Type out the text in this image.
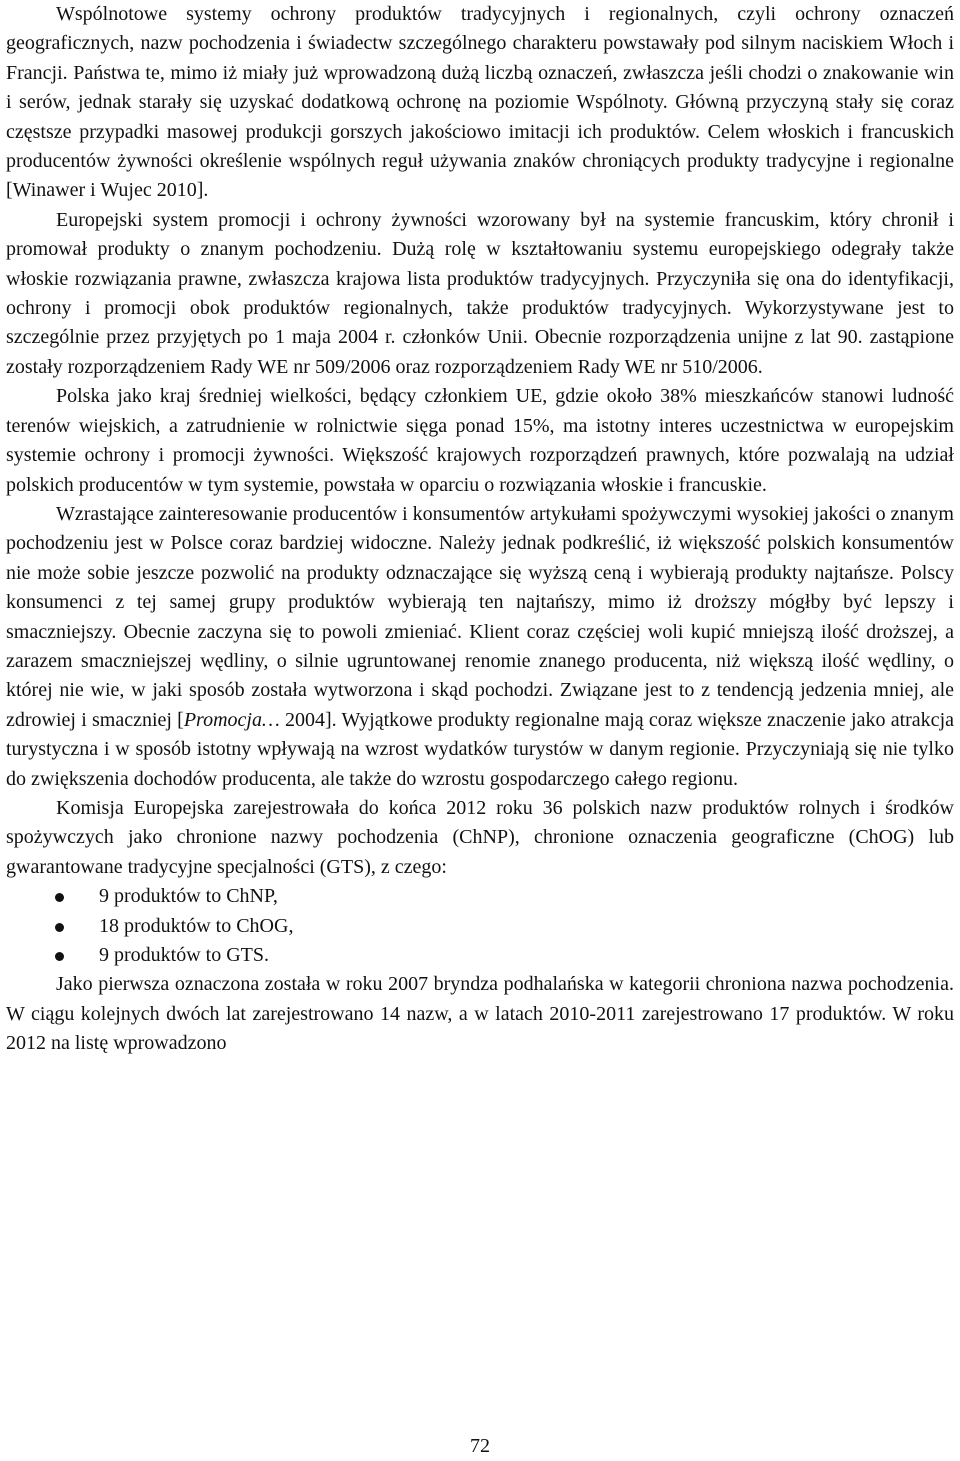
Wspólnotowe systemy ochrony produktów tradycyjnych i regionalnych, czyli ochrony oznaczeń geograficznych, nazw pochodzenia i świadectw szczególnego charakteru powstawały pod silnym naciskiem Włoch i Francji. Państwa te, mimo iż miały już wprowadzoną dużą liczbą oznaczeń, zwłaszcza jeśli chodzi o znakowanie win i serów, jednak starały się uzyskać dodatkową ochronę na poziomie Wspólnoty. Główną przyczyną stały się coraz częstsze przypadki masowej produkcji gorszych jakościowo imitacji ich produktów. Celem włoskich i francuskich producentów żywności określenie wspólnych reguł używania znaków chroniących produkty tradycyjne i regionalne [Winawer i Wujec 2010].

Europejski system promocji i ochrony żywności wzorowany był na systemie francuskim, który chronił i promował produkty o znanym pochodzeniu. Dużą rolę w kształtowaniu systemu europejskiego odegrały także włoskie rozwiązania prawne, zwłaszcza krajowa lista produktów tradycyjnych. Przyczyniła się ona do identyfikacji, ochrony i promocji obok produktów regionalnych, także produktów tradycyjnych. Wykorzystywane jest to szczególnie przez przyjętych po 1 maja 2004 r. członków Unii. Obecnie rozporządzenia unijne z lat 90. zastąpione zostały rozporządzeniem Rady WE nr 509/2006 oraz rozporządzeniem Rady WE nr 510/2006.

Polska jako kraj średniej wielkości, będący członkiem UE, gdzie około 38% mieszkańców stanowi ludność terenów wiejskich, a zatrudnienie w rolnictwie sięga ponad 15%, ma istotny interes uczestnictwa w europejskim systemie ochrony i promocji żywności. Większość krajowych rozporządzeń prawnych, które pozwalają na udział polskich producentów w tym systemie, powstała w oparciu o rozwiązania włoskie i francuskie.

Wzrastające zainteresowanie producentów i konsumentów artykułami spożywczymi wysokiej jakości o znanym pochodzeniu jest w Polsce coraz bardziej widoczne. Należy jednak podkreślić, iż większość polskich konsumentów nie może sobie jeszcze pozwolić na produkty odznaczające się wyższą ceną i wybierają produkty najtańsze. Polscy konsumenci z tej samej grupy produktów wybierają ten najtańszy, mimo iż droższy mógłby być lepszy i smaczniejszy. Obecnie zaczyna się to powoli zmieniać. Klient coraz częściej woli kupić mniejszą ilość droższej, a zarazem smaczniejszej wędliny, o silnie ugruntowanej renomie znanego producenta, niż większą ilość wędliny, o której nie wie, w jaki sposób została wytworzona i skąd pochodzi. Związane jest to z tendencją jedzenia mniej, ale zdrowiej i smaczniej [Promocja… 2004]. Wyjątkowe produkty regionalne mają coraz większe znaczenie jako atrakcja turystyczna i w sposób istotny wpływają na wzrost wydatków turystów w danym regionie. Przyczyniają się nie tylko do zwiększenia dochodów producenta, ale także do wzrostu gospodarczego całego regionu.

Komisja Europejska zarejestrowała do końca 2012 roku 36 polskich nazw produktów rolnych i środków spożywczych jako chronione nazwy pochodzenia (ChNP), chronione oznaczenia geograficzne (ChOG) lub gwarantowane tradycyjne specjalności (GTS), z czego:

9 produktów to ChNP,
18 produktów to ChOG,
9 produktów to GTS.

Jako pierwsza oznaczona została w roku 2007 bryndza podhalańska w kategorii chroniona nazwa pochodzenia. W ciągu kolejnych dwóch lat zarejestrowano 14 nazw, a w latach 2010-2011 zarejestrowano 17 produktów. W roku 2012 na listę wprowadzono

72
